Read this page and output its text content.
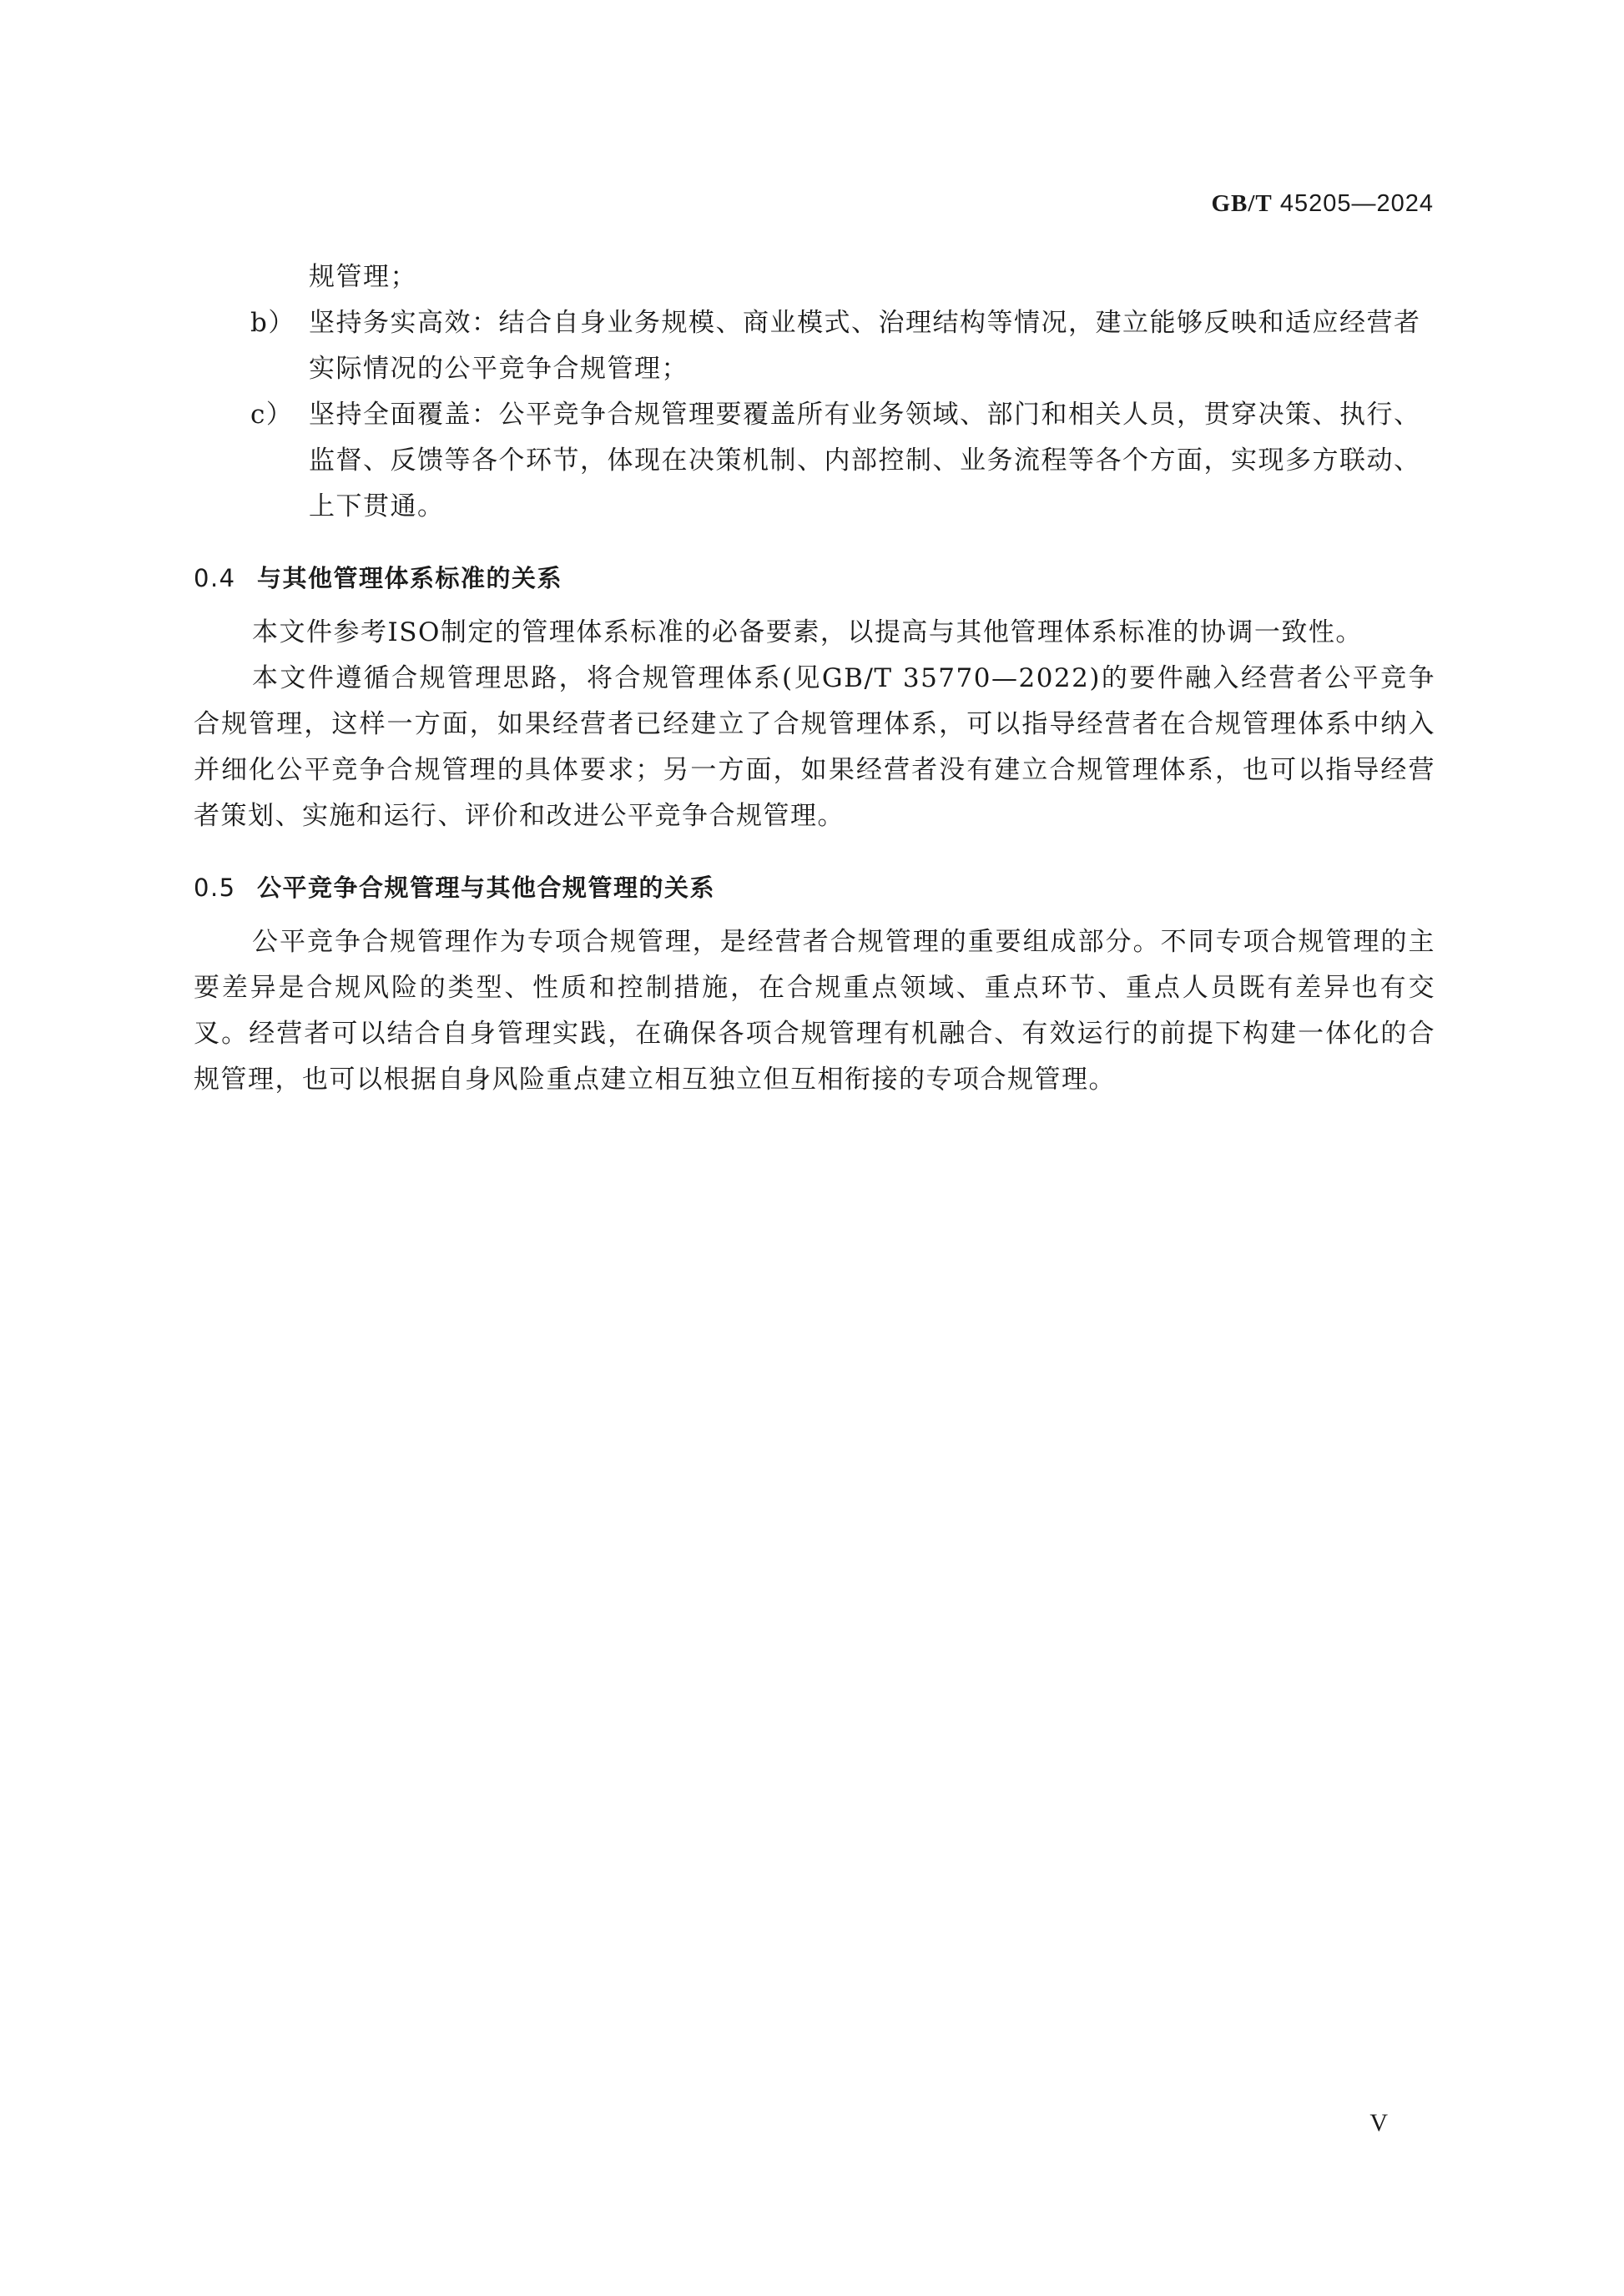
GB/T 45205—2024
规管理；
b） 坚持务实高效：结合自身业务规模、商业模式、治理结构等情况，建立能够反映和适应经营者实际情况的公平竞争合规管理；
c） 坚持全面覆盖：公平竞争合规管理要覆盖所有业务领域、部门和相关人员，贯穿决策、执行、监督、反馈等各个环节，体现在决策机制、内部控制、业务流程等各个方面，实现多方联动、上下贯通。
0.4 与其他管理体系标准的关系
本文件参考ISO制定的管理体系标准的必备要素，以提高与其他管理体系标准的协调一致性。
本文件遵循合规管理思路，将合规管理体系(见GB/T 35770—2022)的要件融入经营者公平竞争合规管理，这样一方面，如果经营者已经建立了合规管理体系，可以指导经营者在合规管理体系中纳入并细化公平竞争合规管理的具体要求；另一方面，如果经营者没有建立合规管理体系，也可以指导经营者策划、实施和运行、评价和改进公平竞争合规管理。
0.5 公平竞争合规管理与其他合规管理的关系
公平竞争合规管理作为专项合规管理，是经营者合规管理的重要组成部分。不同专项合规管理的主要差异是合规风险的类型、性质和控制措施，在合规重点领域、重点环节、重点人员既有差异也有交叉。经营者可以结合自身管理实践，在确保各项合规管理有机融合、有效运行的前提下构建一体化的合规管理，也可以根据自身风险重点建立相互独立但互相衔接的专项合规管理。
V
